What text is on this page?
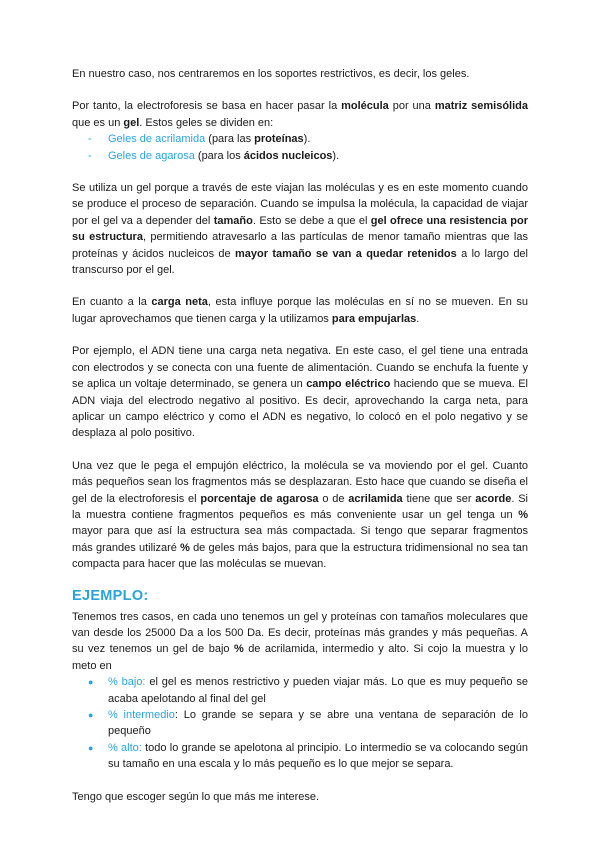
En nuestro caso, nos centraremos en los soportes restrictivos, es decir, los geles.

Por tanto, la electroforesis se basa en hacer pasar la molécula por una matriz semisólida que es un gel. Estos geles se dividen en:

- Geles de acrilamida (para las proteínas).
- Geles de agarosa (para los ácidos nucleicos).

Se utiliza un gel porque a través de este viajan las moléculas y es en este momento cuando se produce el proceso de separación. Cuando se impulsa la molécula, la capacidad de viajar por el gel va a depender del tamaño. Esto se debe a que el gel ofrece una resistencia por su estructura, permitiendo atravesarlo a las partículas de menor tamaño mientras que las proteínas y ácidos nucleicos de mayor tamaño se van a quedar retenidos a lo largo del transcurso por el gel.

En cuanto a la carga neta, esta influye porque las moléculas en sí no se mueven. En su lugar aprovechamos que tienen carga y la utilizamos para empujarlas.

Por ejemplo, el ADN tiene una carga neta negativa. En este caso, el gel tiene una entrada con electrodos y se conecta con una fuente de alimentación. Cuando se enchufa la fuente y se aplica un voltaje determinado, se genera un campo eléctrico haciendo que se mueva. El ADN viaja del electrodo negativo al positivo. Es decir, aprovechando la carga neta, para aplicar un campo eléctrico y como el ADN es negativo, lo colocó en el polo negativo y se desplaza al polo positivo.

Una vez que le pega el empujón eléctrico, la molécula se va moviendo por el gel. Cuanto más pequeños sean los fragmentos más se desplazaran. Esto hace que cuando se diseña el gel de la electroforesis el porcentaje de agarosa o de acrilamida tiene que ser acorde. Si la muestra contiene fragmentos pequeños es más conveniente usar un gel tenga un % mayor para que así la estructura sea más compactada. Si tengo que separar fragmentos más grandes utilizaré % de geles más bajos, para que la estructura tridimensional no sea tan compacta para hacer que las moléculas se muevan.

EJEMPLO:

Tenemos tres casos, en cada uno tenemos un gel y proteínas con tamaños moleculares que van desde los 25000 Da a los 500 Da. Es decir, proteínas más grandes y más pequeñas. A su vez tenemos un gel de bajo % de acrilamida, intermedio y alto. Si cojo la muestra y lo meto en

● % bajo: el gel es menos restrictivo y pueden viajar más. Lo que es muy pequeño se acaba apelotando al final del gel
● % intermedio: Lo grande se separa y se abre una ventana de separación de lo pequeño
● % alto: todo lo grande se apelotona al principio. Lo intermedio se va colocando según su tamaño en una escala y lo más pequeño es lo que mejor se separa.

Tengo que escoger según lo que más me interese.
